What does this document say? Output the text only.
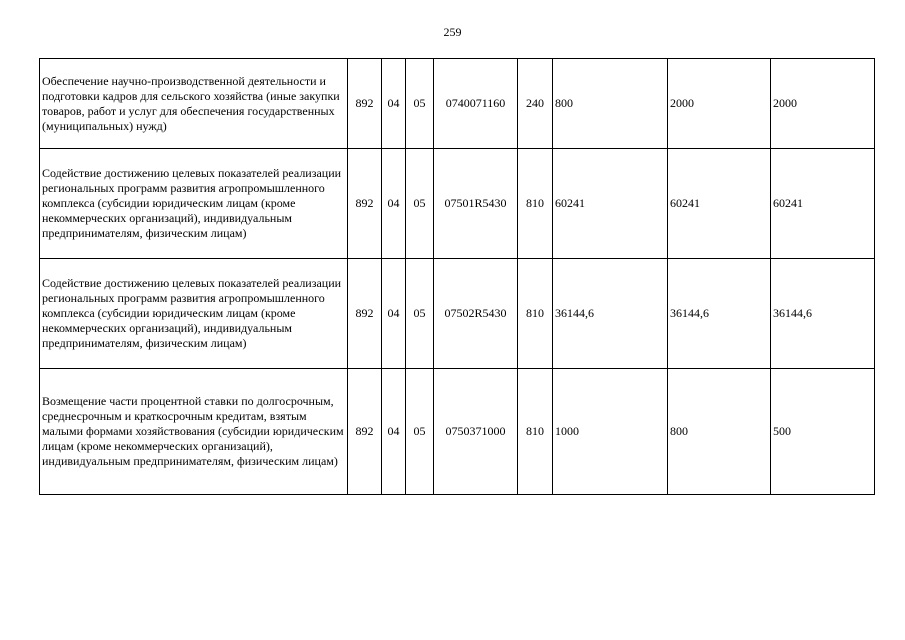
259
Обеспечение научно-производственной деятельности и подготовки кадров для сельского хозяйства (иные закупки товаров, работ и услуг для обеспечения государственных (муниципальных) нужд)	892	04	05	0740071160	240	800	2000	2000
Содействие достижению целевых показателей реализации региональных программ развития агропромышленного комплекса (субсидии юридическим лицам (кроме некоммерческих организаций), индивидуальным предпринимателям, физическим лицам)	892	04	05	07501R5430	810	60241	60241	60241
Содействие достижению целевых показателей реализации региональных программ развития агропромышленного комплекса (субсидии юридическим лицам (кроме некоммерческих организаций), индивидуальным предпринимателям, физическим лицам)	892	04	05	07502R5430	810	36144,6	36144,6	36144,6
Возмещение части процентной ставки по долгосрочным, среднесрочным и краткосрочным кредитам, взятым малыми формами хозяйствования (субсидии юридическим лицам (кроме некоммерческих организаций), индивидуальным предпринимателям, физическим лицам)	892	04	05	0750371000	810	1000	800	500
